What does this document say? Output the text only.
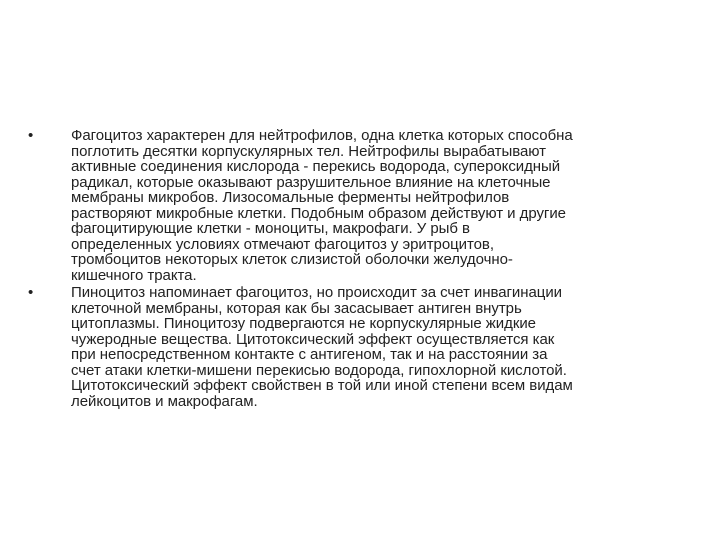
•	Фагоцитоз характерен для нейтрофилов, одна клетка которых способна
поглотить десятки корпускулярных тел. Нейтрофилы вырабатывают
активные соединения кислорода - перекись водорода, супероксидный
радикал, которые оказывают разрушительное влияние на клеточные
мембраны микробов. Лизосомальные ферменты нейтрофилов
растворяют микробные клетки. Подобным образом действуют и другие
фагоцитирующие клетки - моноциты, макрофаги. У рыб в
определенных условиях отмечают фагоцитоз у эритроцитов,
тромбоцитов некоторых клеток слизистой оболочки желудочно-
кишечного тракта.
•	Пиноцитоз напоминает фагоцитоз, но происходит за счет инвагинации
клеточной мембраны, которая как бы засасывает антиген внутрь
цитоплазмы. Пиноцитозу подвергаются не корпускулярные жидкие
чужеродные вещества. Цитотоксический эффект осуществляется как
при непосредственном контакте с антигеном, так и на расстоянии за
счет атаки клетки-мишени перекисью водорода, гипохлорной кислотой.
Цитотоксический эффект свойствен в той или иной степени всем видам
лейкоцитов и макрофагам.
